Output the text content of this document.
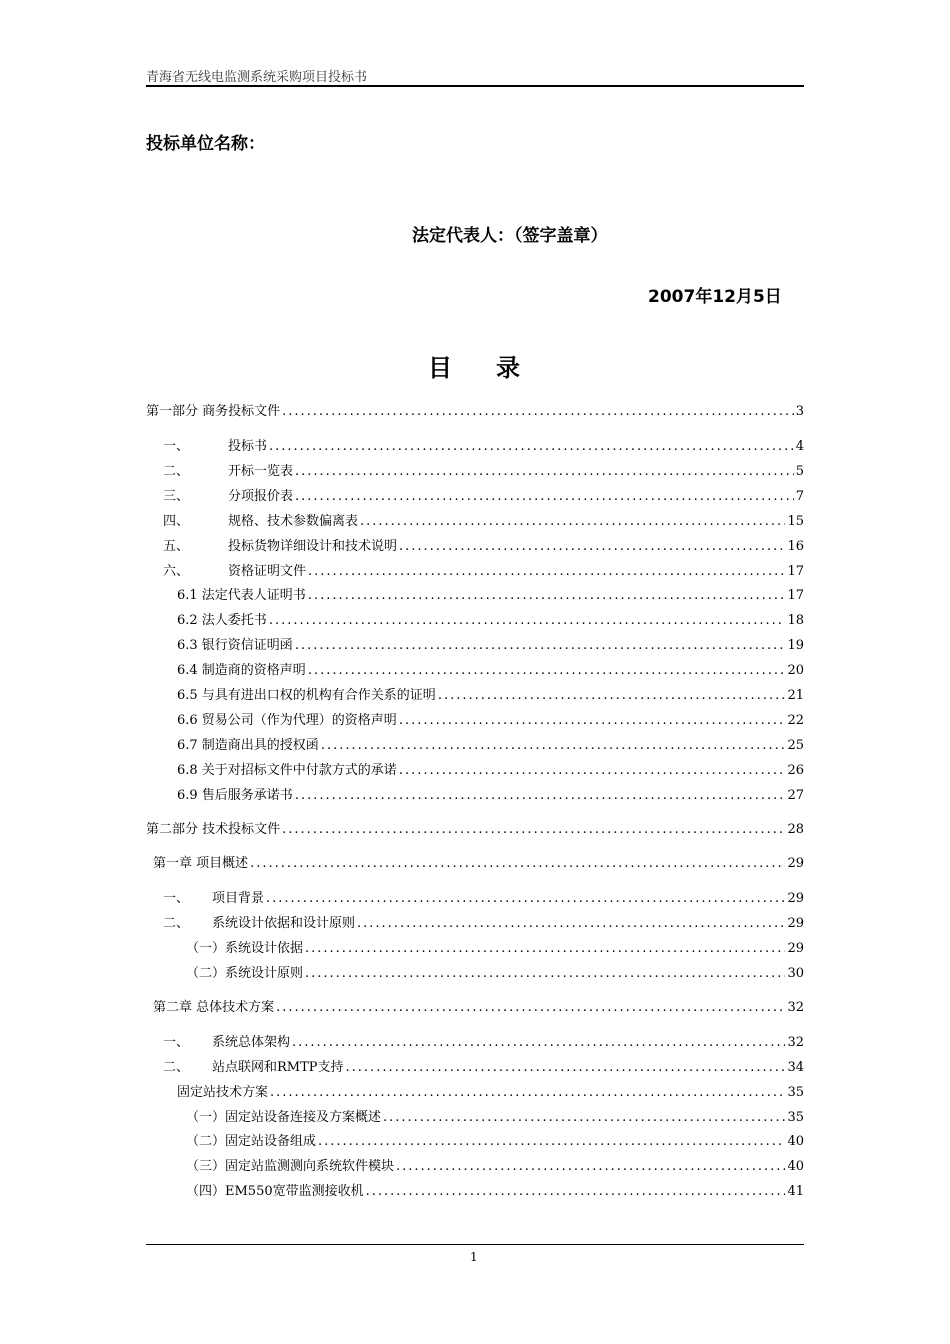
青海省无线电监测系统采购项目投标书
投标单位名称：
法定代表人：（签字盖章）
2007年12月5日
目录
第一部分 商务投标文件 .....	3
一、	投标书 .....	4
二、	开标一览表 .....	5
三、	分项报价表 .....	7
四、	规格、技术参数偏离表 .....	15
五、	投标货物详细设计和技术说明 .....	16
六、	资格证明文件 .....	17
6.1 法定代表人证明书 .....	17
6.2 法人委托书 .....	18
6.3 银行资信证明函 .....	19
6.4 制造商的资格声明 .....	20
6.5 与具有进出口权的机构有合作关系的证明 .....	21
6.6 贸易公司（作为代理）的资格声明 .....	22
6.7 制造商出具的授权函 .....	25
6.8 关于对招标文件中付款方式的承诺 .....	26
6.9 售后服务承诺书 .....	27
第二部分 技术投标文件 .....	28
第一章 项目概述 .....	29
一、	项目背景 .....	29
二、	系统设计依据和设计原则 .....	29
（一）系统设计依据 .....	29
（二）系统设计原则 .....	30
第二章 总体技术方案 .....	32
一、	系统总体架构 .....	32
二、	站点联网和RMTP支持 .....	34
固定站技术方案 .....	35
（一）固定站设备连接及方案概述 .....	35
（二）固定站设备组成 .....	40
（三）固定站监测测向系统软件模块 .....	40
（四）EM550宽带监测接收机 .....	41
1
